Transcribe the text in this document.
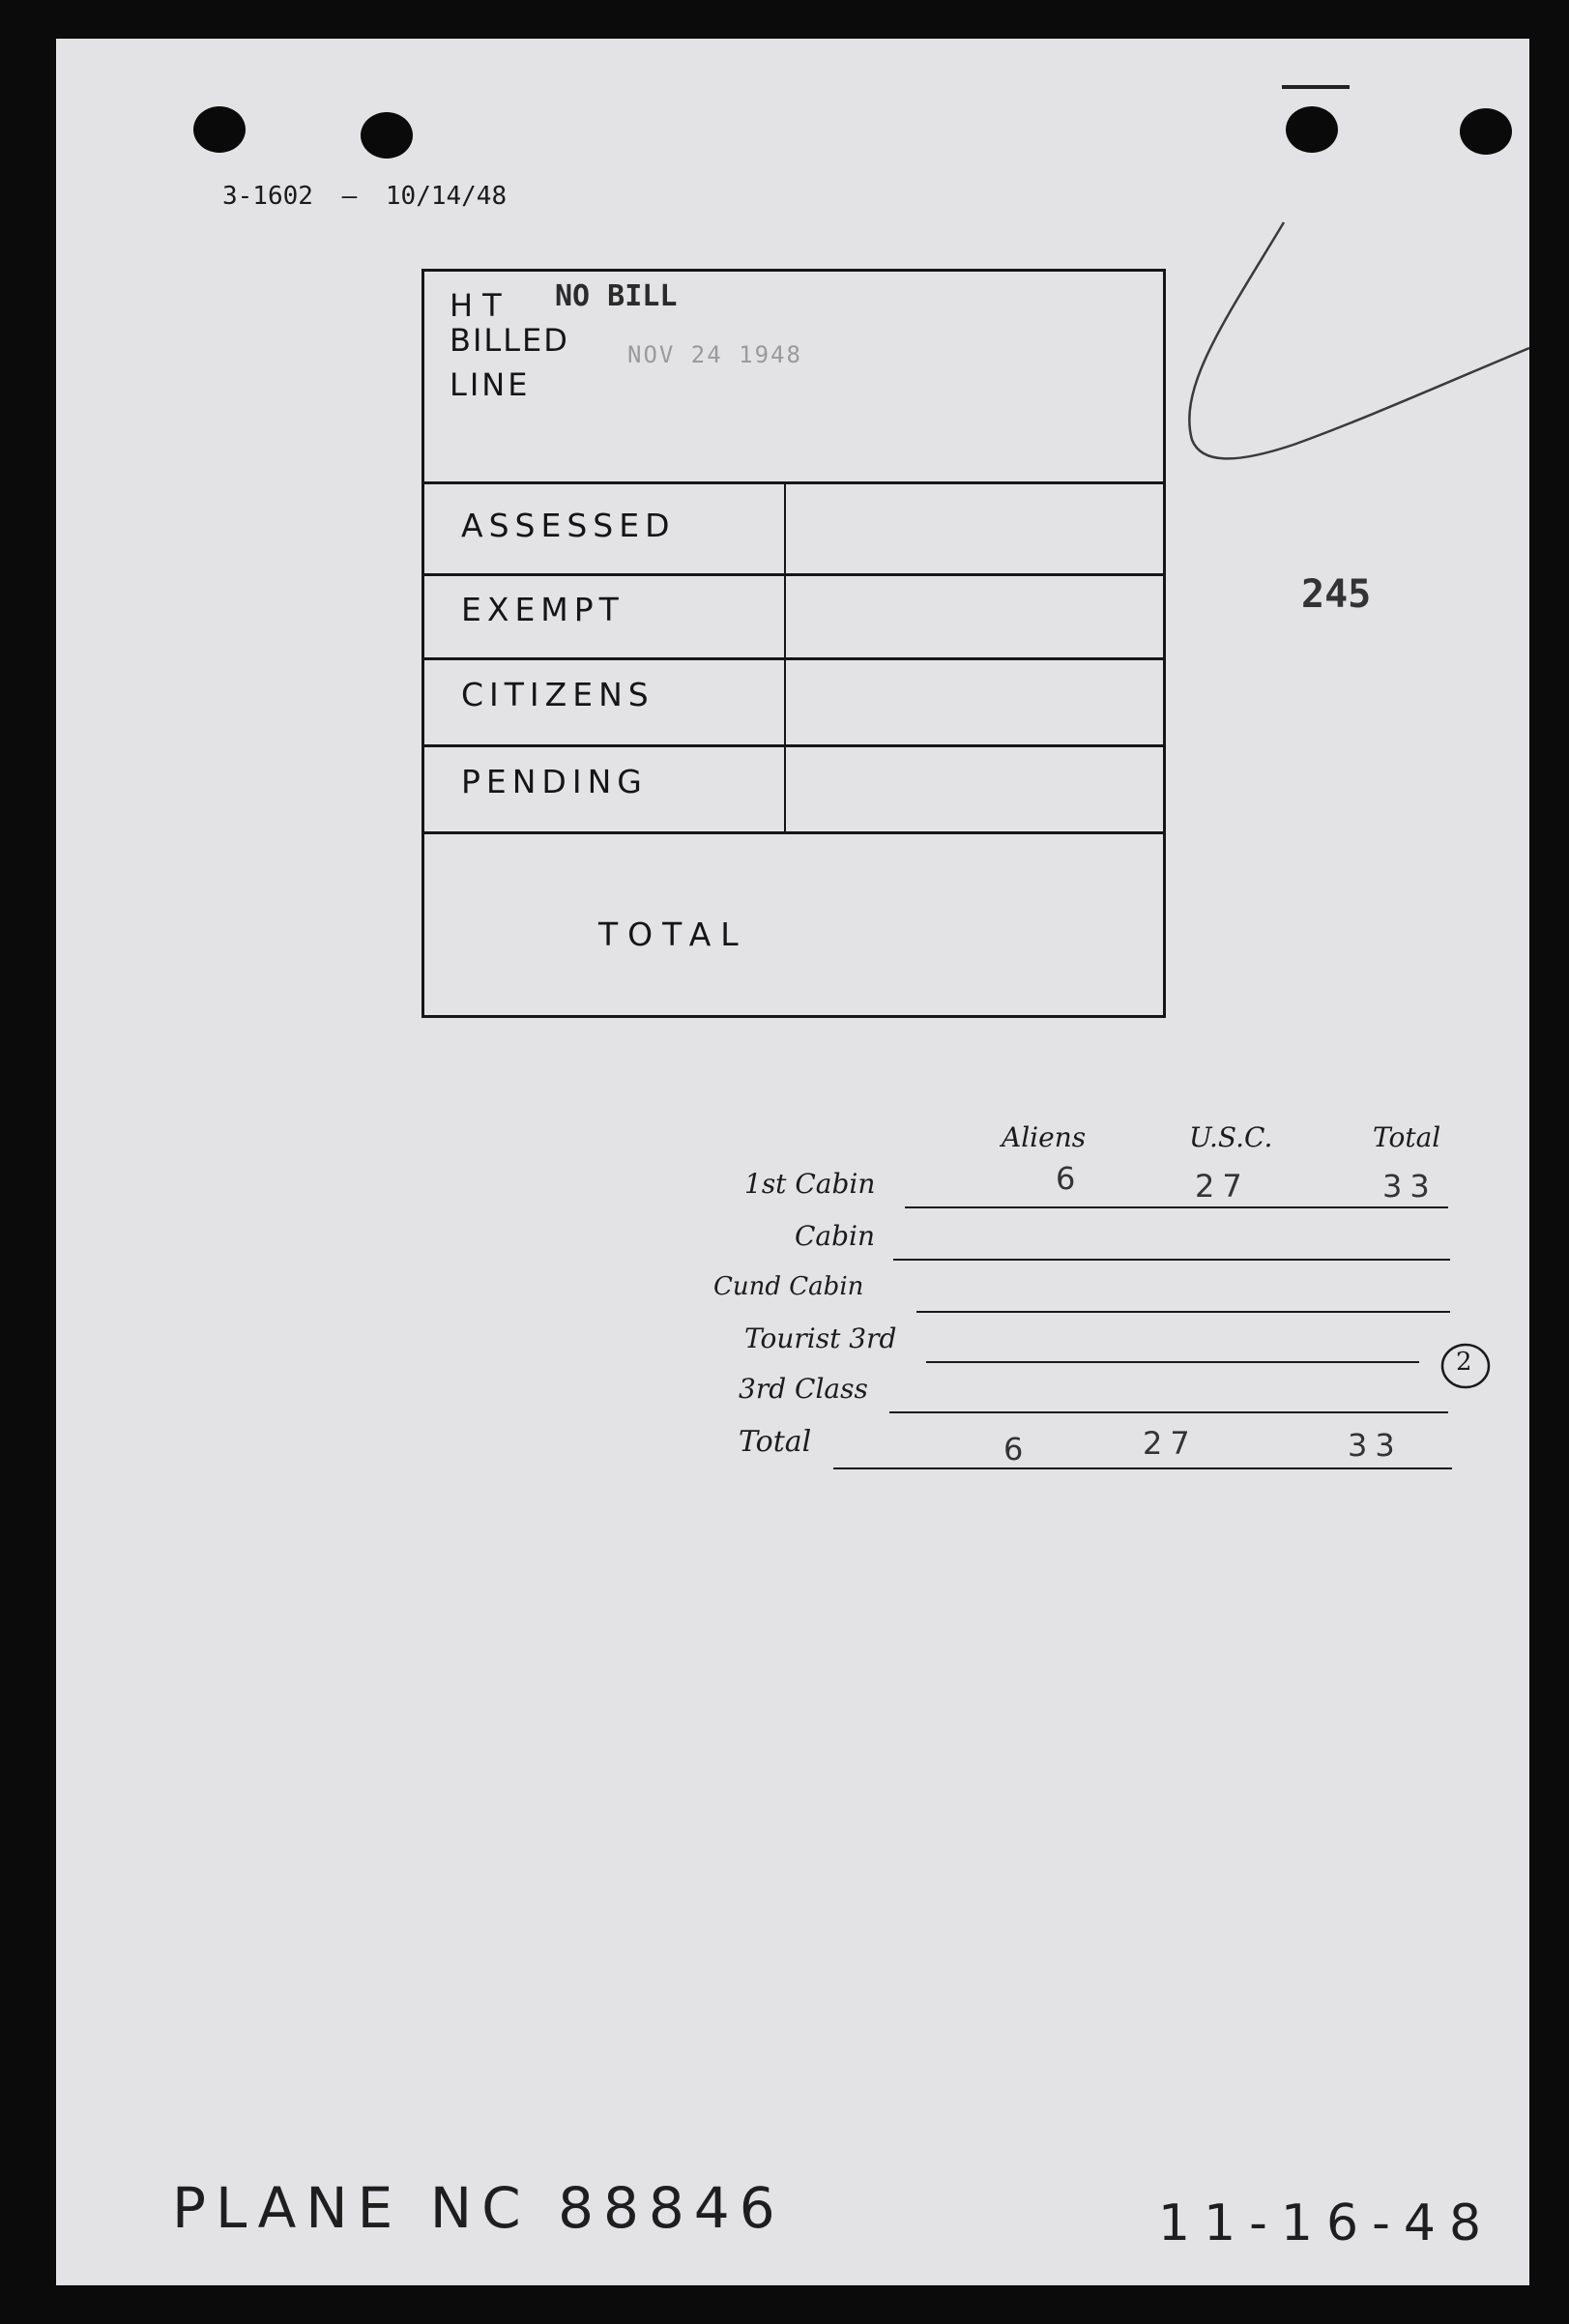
3-1602 — 10/14/48
HT
BILLED
LINE
NO BILL
NOV 24 1948
ASSESSED
EXEMPT
CITIZENS
PENDING
TOTAL
245
Aliens	U.S.C.	Total
1st Cabin	6	27	33
Cabin
Cund Cabin
Tourist 3rd
2
3rd Class
Total	6	27	33
PLANE NC 88846	11-16-48
